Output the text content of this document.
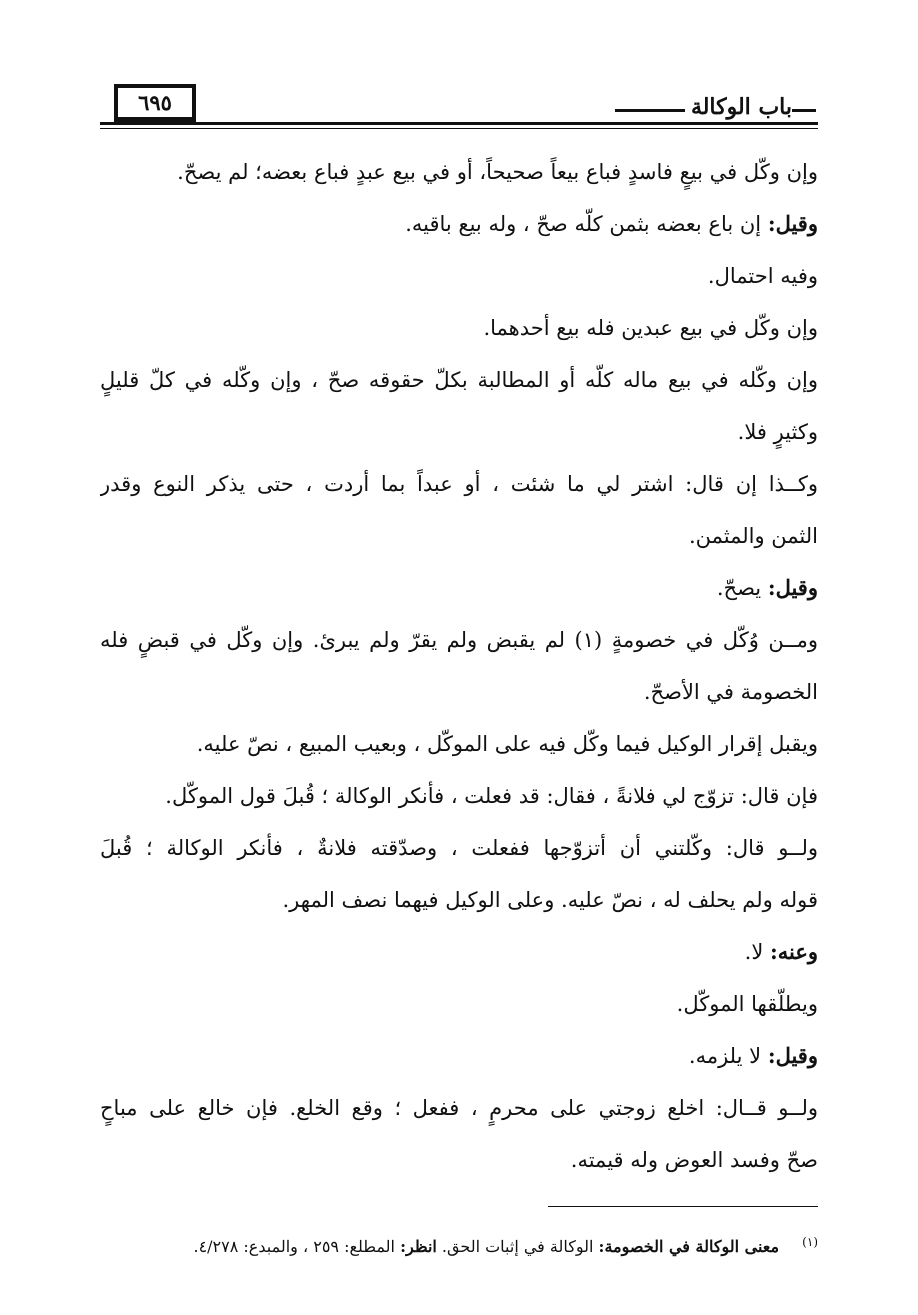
٦٩٥	باب الوكالة
وإن وكّل في بيعٍ فاسدٍ فباع بيعاً صحيحاً، أو في بيع عبدٍ فباع بعضه؛ لم يصحّ.
وقيل: إن باع بعضه بثمن كلّه صحّ ، وله بيع باقيه.
وفيه احتمال.
وإن وكّل في بيع عبدين فله بيع أحدهما.
وإن وكّله في بيع ماله كلّه أو المطالبة بكلّ حقوقه صحّ ، وإن وكّله في كلّ قليلٍ
وكثيرٍ فلا.
وكــذا إن قال: اشتر لي ما شئت ، أو عبداً بما أردت ، حتى يذكر النوع وقدر
الثمن والمثمن.
وقيل: يصحّ.
ومــن وُكّل في خصومةٍ (١) لم يقبض ولم يقرّ ولم يبرئ. وإن وكّل في قبضٍ فله
الخصومة في الأصحّ.
ويقبل إقرار الوكيل فيما وكّل فيه على الموكّل ، وبعيب المبيع ، نصّ عليه.
فإن قال: تزوّج لي فلانةً ، فقال: قد فعلت ، فأنكر الوكالة ؛ قُبلَ قول الموكّل.
ولــو قال: وكّلتني أن أتزوّجها ففعلت ، وصدّقته فلانةٌ ، فأنكر الوكالة ؛ قُبلَ
قوله ولم يحلف له ، نصّ عليه. وعلى الوكيل فيهما نصف المهر.
وعنه: لا.
ويطلّقها الموكّل.
وقيل: لا يلزمه.
ولــو قــال: اخلع زوجتي على محرمٍ ، ففعل ؛ وقع الخلع. فإن خالع على مباحٍ
صحّ وفسد العوض وله قيمته.
$^{(١)}$ معنى الوكالة في الخصومة: الوكالة في إثبات الحق. انظر: المطلع: ٢٥٩ ، والمبدع: ٤/٢٧٨.
